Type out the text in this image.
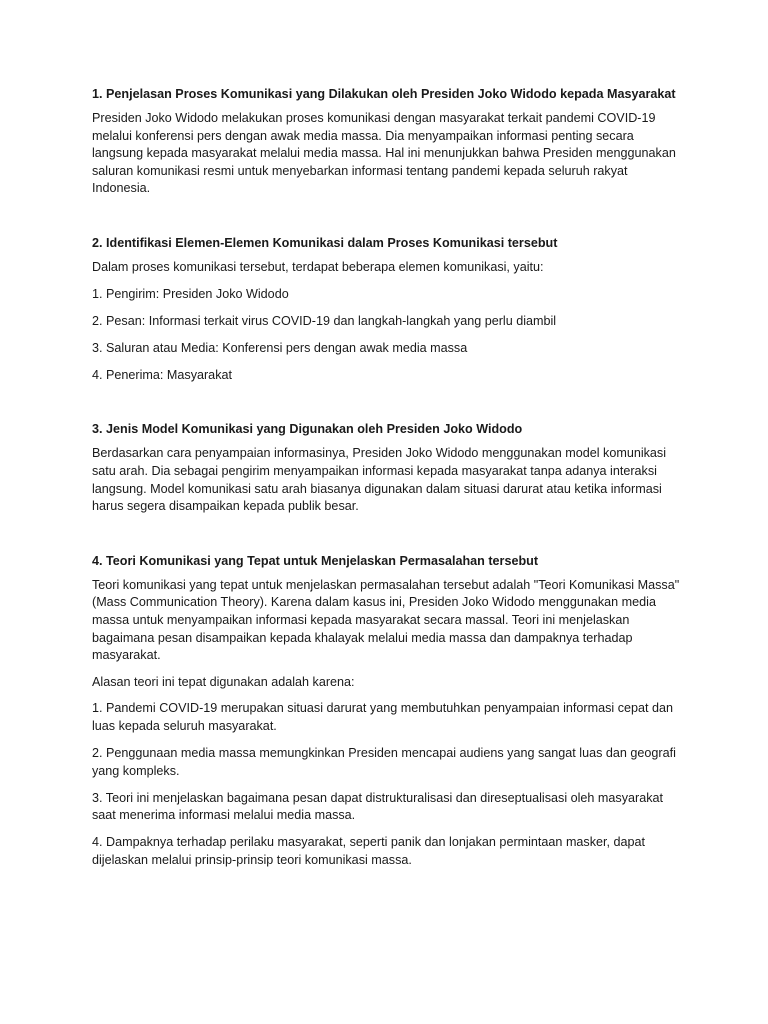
1. Penjelasan Proses Komunikasi yang Dilakukan oleh Presiden Joko Widodo kepada Masyarakat
Presiden Joko Widodo melakukan proses komunikasi dengan masyarakat terkait pandemi COVID-19 melalui konferensi pers dengan awak media massa. Dia menyampaikan informasi penting secara langsung kepada masyarakat melalui media massa. Hal ini menunjukkan bahwa Presiden menggunakan saluran komunikasi resmi untuk menyebarkan informasi tentang pandemi kepada seluruh rakyat Indonesia.
2. Identifikasi Elemen-Elemen Komunikasi dalam Proses Komunikasi tersebut
Dalam proses komunikasi tersebut, terdapat beberapa elemen komunikasi, yaitu:
1. Pengirim: Presiden Joko Widodo
2. Pesan: Informasi terkait virus COVID-19 dan langkah-langkah yang perlu diambil
3. Saluran atau Media: Konferensi pers dengan awak media massa
4. Penerima: Masyarakat
3. Jenis Model Komunikasi yang Digunakan oleh Presiden Joko Widodo
Berdasarkan cara penyampaian informasinya, Presiden Joko Widodo menggunakan model komunikasi satu arah. Dia sebagai pengirim menyampaikan informasi kepada masyarakat tanpa adanya interaksi langsung. Model komunikasi satu arah biasanya digunakan dalam situasi darurat atau ketika informasi harus segera disampaikan kepada publik besar.
4. Teori Komunikasi yang Tepat untuk Menjelaskan Permasalahan tersebut
Teori komunikasi yang tepat untuk menjelaskan permasalahan tersebut adalah "Teori Komunikasi Massa" (Mass Communication Theory). Karena dalam kasus ini, Presiden Joko Widodo menggunakan media massa untuk menyampaikan informasi kepada masyarakat secara massal. Teori ini menjelaskan bagaimana pesan disampaikan kepada khalayak melalui media massa dan dampaknya terhadap masyarakat.
Alasan teori ini tepat digunakan adalah karena:
1. Pandemi COVID-19 merupakan situasi darurat yang membutuhkan penyampaian informasi cepat dan luas kepada seluruh masyarakat.
2. Penggunaan media massa memungkinkan Presiden mencapai audiens yang sangat luas dan geografi yang kompleks.
3. Teori ini menjelaskan bagaimana pesan dapat distrukturalisasi dan direseptualisasi oleh masyarakat saat menerima informasi melalui media massa.
4. Dampaknya terhadap perilaku masyarakat, seperti panik dan lonjakan permintaan masker, dapat dijelaskan melalui prinsip-prinsip teori komunikasi massa.
